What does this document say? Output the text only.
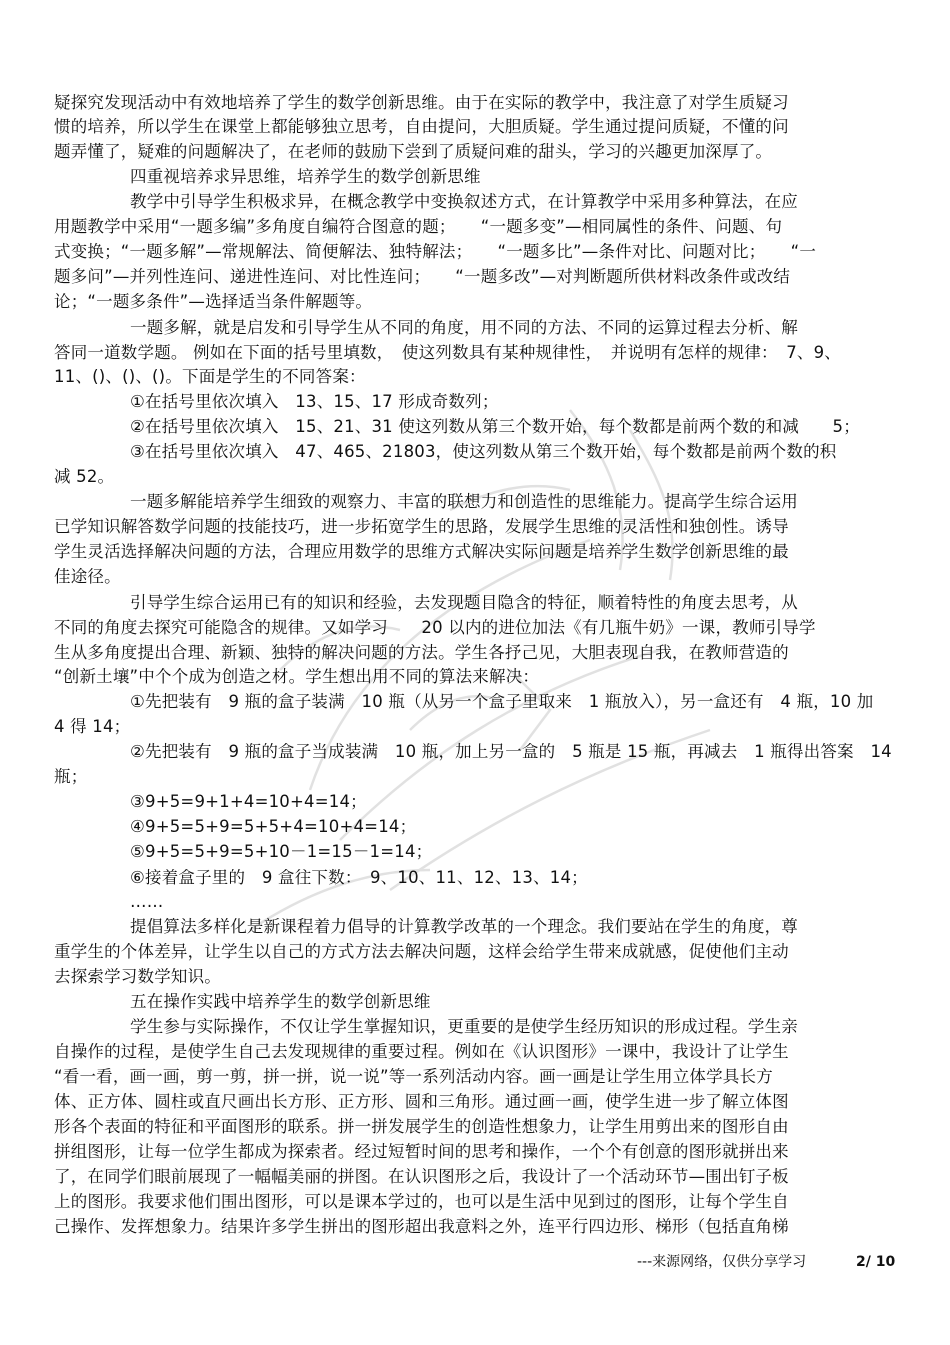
疑探究发现活动中有效地培养了学生的数学创新思维。由于在实际的教学中，我注意了对学生质疑习
惯的培养，所以学生在课堂上都能够独立思考，自由提问，大胆质疑。学生通过提问质疑，不懂的问
题弄懂了，疑难的问题解决了，在老师的鼓励下尝到了质疑问难的甜头，学习的兴趣更加深厚了。
四重视培养求异思维，培养学生的数学创新思维
教学中引导学生积极求异，在概念教学中变换叙述方式，在计算教学中采用多种算法，在应
用题教学中采用“一题多编”多角度自编符合图意的题；　　“一题多变”—相同属性的条件、问题、句
式变换；“一题多解”—常规解法、简便解法、独特解法；　　“一题多比”—条件对比、问题对比；　　“一
题多问”—并列性连问、递进性连问、对比性连问；　　“一题多改”—对判断题所供材料改条件或改结
论；“一题多条件”—选择适当条件解题等。
一题多解，就是启发和引导学生从不同的角度，用不同的方法、不同的运算过程去分析、解
答同一道数学题。 例如在下面的括号里填数，　使这列数具有某种规律性，　并说明有怎样的规律：　7、9、
11、()、()、()。下面是学生的不同答案：
①在括号里依次填入　13、15、17 形成奇数列；
②在括号里依次填入　15、21、31 使这列数从第三个数开始，每个数都是前两个数的和减　　5；
③在括号里依次填入　47、465、21803，使这列数从第三个数开始，每个数都是前两个数的积
减 52。
一题多解能培养学生细致的观察力、丰富的联想力和创造性的思维能力。提高学生综合运用
已学知识解答数学问题的技能技巧，进一步拓宽学生的思路，发展学生思维的灵活性和独创性。诱导
学生灵活选择解决问题的方法，合理应用数学的思维方式解决实际问题是培养学生数学创新思维的最
佳途径。
引导学生综合运用已有的知识和经验，去发现题目隐含的特征，顺着特性的角度去思考，从
不同的角度去探究可能隐含的规律。又如学习　　20 以内的进位加法《有几瓶牛奶》一课，教师引导学
生从多角度提出合理、新颖、独特的解决问题的方法。学生各抒己见，大胆表现自我，在教师营造的
“创新土壤”中个个成为创造之材。学生想出用不同的算法来解决：
①先把装有　9 瓶的盒子装满　10 瓶（从另一个盒子里取来　1 瓶放入），另一盒还有　4 瓶，10 加
4 得 14；
②先把装有　9 瓶的盒子当成装满　10 瓶，加上另一盒的　5 瓶是 15 瓶，再减去　1 瓶得出答案　14
瓶；
③9+5=9+1+4=10+4=14；
④9+5=5+9=5+5+4=10+4=14；
⑤9+5=5+9=5+10－1=15－1=14；
⑥接着盒子里的　9 盒往下数：　9、10、11、12、13、14；
……
提倡算法多样化是新课程着力倡导的计算教学改革的一个理念。我们要站在学生的角度，尊
重学生的个体差异，让学生以自己的方式方法去解决问题，这样会给学生带来成就感，促使他们主动
去探索学习数学知识。
五在操作实践中培养学生的数学创新思维
学生参与实际操作，不仅让学生掌握知识，更重要的是使学生经历知识的形成过程。学生亲
自操作的过程，是使学生自己去发现规律的重要过程。例如在《认识图形》一课中，我设计了让学生
“看一看，画一画，剪一剪，拼一拼，说一说”等一系列活动内容。画一画是让学生用立体学具长方
体、正方体、圆柱或直尺画出长方形、正方形、圆和三角形。通过画一画，使学生进一步了解立体图
形各个表面的特征和平面图形的联系。拼一拼发展学生的创造性想象力，让学生用剪出来的图形自由
拼组图形，让每一位学生都成为探索者。经过短暂时间的思考和操作，一个个有创意的图形就拼出来
了，在同学们眼前展现了一幅幅美丽的拼图。在认识图形之后，我设计了一个活动环节—围出钉子板
上的图形。我要求他们围出图形，可以是课本学过的，也可以是生活中见到过的图形，让每个学生自
己操作、发挥想象力。结果许多学生拼出的图形超出我意料之外，连平行四边形、梯形（包括直角梯
---来源网络，仅供分享学习	2/ 10
